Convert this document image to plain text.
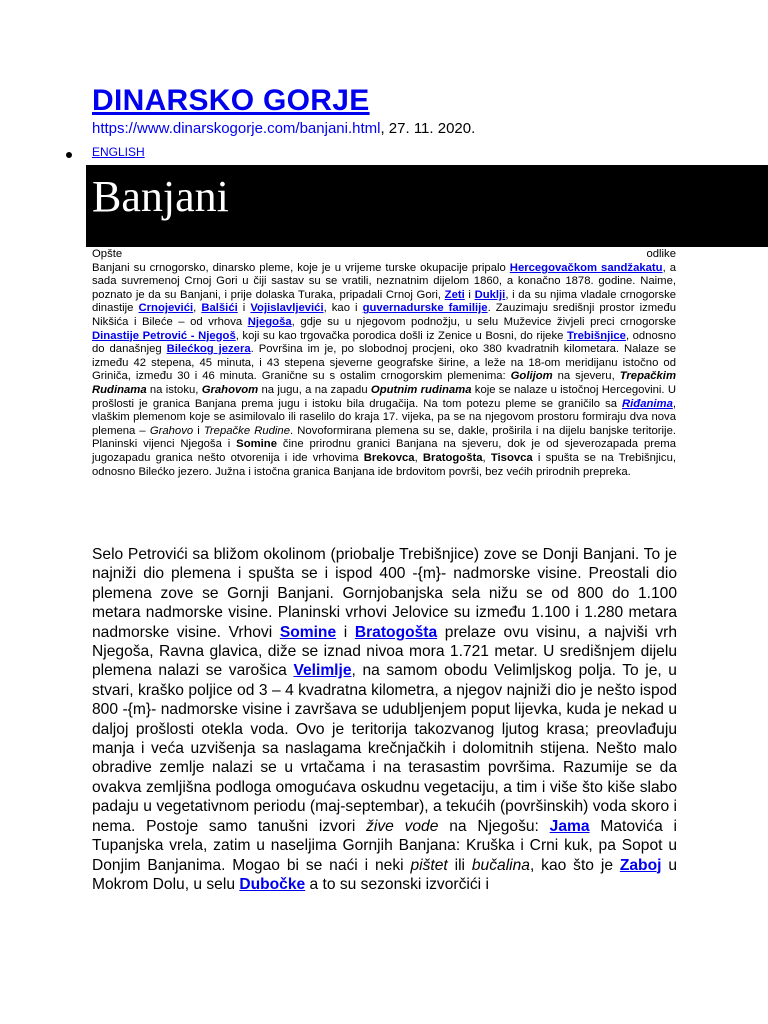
DINARSKO GORJE
https://www.dinarskogorje.com/banjani.html, 27. 11. 2020.
ENGLISH
Banjani
Opšte	odlike

Banjani su crnogorsko, dinarsko pleme, koje je u vrijeme turske okupacije pripalo Hercegovačkom sandžakatu, a sada suvremenoj Crnoj Gori u čiji sastav su se vratili, neznatnim dijelom 1860, a konačno 1878. godine. Naime, poznato je da su Banjani, i prije dolaska Turaka, pripadali Crnoj Gori, Zeti i Duklji, i da su njima vladale crnogorske dinastije Crnojevići, Balšići i Vojislavljevići, kao i guvernadurske familije. Zauzimaju središnji prostor između Nikšića i Bileće – od vrhova Njegoša, gdje su u njegovom podnožju, u selu Muževice živjeli preci crnogorske Dinastije Petrović - Njegoš, koji su kao trgovačka porodica došli iz Zenice u Bosni, do rijeke Trebišnjice, odnosno do današnjeg Bilećkog jezera. Površina im je, po slobodnoj procjeni, oko 380 kvadratnih kilometara. Nalaze se između 42 stepena, 45 minuta, i 43 stepena sjeverne geografske širine, a leže na 18-om meridijanu istočno od Griniča, između 30 i 46 minuta. Granične su s ostalim crnogorskim plemenima: Golijom na sjeveru, Trepačkim Rudinama na istoku, Grahovom na jugu, a na zapadu Oputnim rudinama koje se nalaze u istočnoj Hercegovini. U prošlosti je granica Banjana prema jugu i istoku bila drugačija. Na tom potezu pleme se graničilo sa Riđanima, vlaškim plemenom koje se asimilovalo ili raselilo do kraja 17. vijeka, pa se na njegovom prostoru formiraju dva nova plemena – Grahovo i Trepačke Rudine. Novoformirana plemena su se, dakle, proširila i na dijelu banjske teritorije. Planinski vijenci Njegoša i Somine čine prirodnu granici Banjana na sjeveru, dok je od sjeverozapada prema jugozapadu granica nešto otvorenija i ide vrhovima Brekovca, Bratogošta, Tisovca i spušta se na Trebišnjicu, odnosno Bilećko jezero. Južna i istočna granica Banjana ide brdovitom površi, bez većih prirodnih prepreka.

Selo Petrovići sa bližom okolinom (priobalje Trebišnjice) zove se Donji Banjani. To je najniži dio plemena i spušta se i ispod 400 -{m}- nadmorske visine. Preostali dio plemena zove se Gornji Banjani. Gornjobanjska sela nižu se od 800 do 1.100 metara nadmorske visine. Planinski vrhovi Jelovice su između 1.100 i 1.280 metara nadmorske visine. Vrhovi Somine i Bratogošta prelaze ovu visinu, a najviši vrh Njegoša, Ravna glavica, diže se iznad nivoa mora 1.721 metar. U središnjem dijelu plemena nalazi se varošica Velimlje, na samom obodu Velimljskog polja. To je, u stvari, kraško poljice od 3 – 4 kvadratna kilometra, a njegov najniži dio je nešto ispod 800 -{m}- nadmorske visine i završava se udubljenjem poput lijevka, kuda je nekad u daljoj prošlosti otekla voda. Ovo je teritorija takozvanog ljutog krasa; preovlađuju manja i veća uzvišenja sa naslagama krečnjačkih i dolomitnih stijena. Nešto malo obradive zemlje nalazi se u vrtačama i na terasastim površima. Razumije se da ovakva zemljišna podloga omogućava oskudnu vegetaciju, a tim i više što kiše slabo padaju u vegetativnom periodu (maj-septembar), a tekućih (površinskih) voda skoro i nema. Postoje samo tanušni izvori žive vode na Njegošu: Jama Matovića i Tupanjska vrela, zatim u naseljima Gornjih Banjana: Kruška i Crni kuk, pa Sopot u Donjim Banjanima. Mogao bi se naći i neki pištet ili bučalina, kao što je Zaboj u Mokrom Dolu, u selu Dubočke a to su sezonski izvorčići i
